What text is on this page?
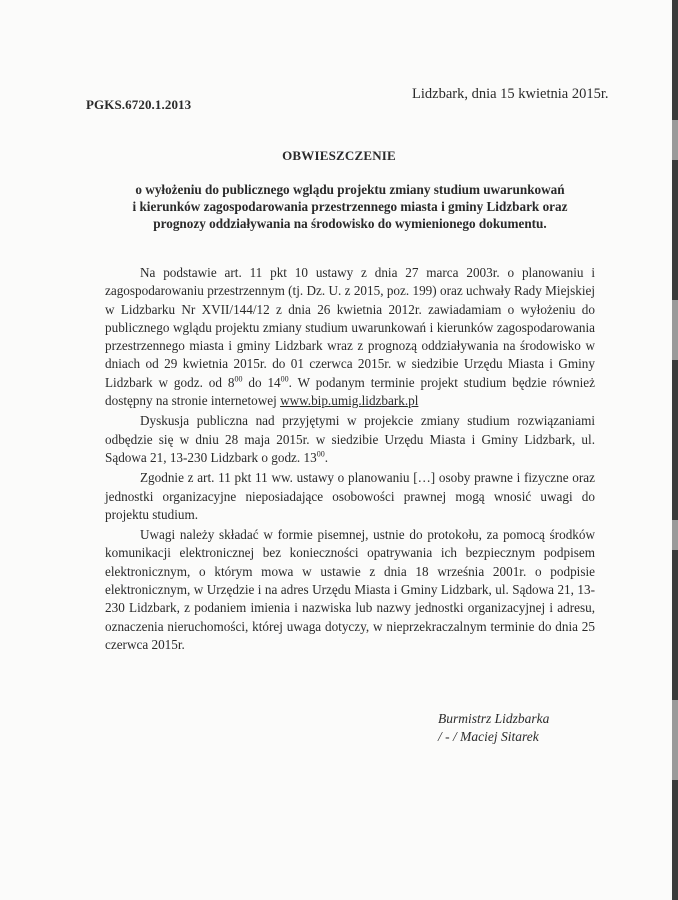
Lidzbark, dnia 15 kwietnia 2015r.
PGKS.6720.1.2013
OBWIESZCZENIE
o wyłożeniu do publicznego wglądu projektu zmiany studium uwarunkowań
i kierunków zagospodarowania przestrzennego miasta i gminy Lidzbark oraz
prognozy oddziaływania na środowisko do wymienionego dokumentu.

Na podstawie art. 11 pkt 10 ustawy z dnia 27 marca 2003r. o planowaniu i zagospodarowaniu przestrzennym (tj. Dz. U. z 2015, poz. 199) oraz uchwały Rady Miejskiej w Lidzbarku Nr XVII/144/12 z dnia 26 kwietnia 2012r. zawiadamiam o wyłożeniu do publicznego wglądu projektu zmiany studium uwarunkowań i kierunków zagospodarowania przestrzennego miasta i gminy Lidzbark wraz z prognozą oddziaływania na środowisko w dniach od 29 kwietnia 2015r. do 01 czerwca 2015r. w siedzibie Urzędu Miasta i Gminy Lidzbark w godz. od $8^{00}$ do $14^{00}$. W podanym terminie projekt studium będzie również dostępny na stronie internetowej www.bip.umig.lidzbark.pl

Dyskusja publiczna nad przyjętymi w projekcie zmiany studium rozwiązaniami odbędzie się w dniu 28 maja 2015r. w siedzibie Urzędu Miasta i Gminy Lidzbark, ul. Sądowa 21, 13-230 Lidzbark o godz. $13^{00}$.

Zgodnie z art. 11 pkt 11 ww. ustawy o planowaniu […] osoby prawne i fizyczne oraz jednostki organizacyjne nieposiadające osobowości prawnej mogą wnosić uwagi do projektu studium.

Uwagi należy składać w formie pisemnej, ustnie do protokołu, za pomocą środków komunikacji elektronicznej bez konieczności opatrywania ich bezpiecznym podpisem elektronicznym, o którym mowa w ustawie z dnia 18 września 2001r. o podpisie elektronicznym, w Urzędzie i na adres Urzędu Miasta i Gminy Lidzbark, ul. Sądowa 21, 13-230 Lidzbark, z podaniem imienia i nazwiska lub nazwy jednostki organizacyjnej i adresu, oznaczenia nieruchomości, której uwaga dotyczy, w nieprzekraczalnym terminie do dnia 25 czerwca 2015r.

Burmistrz Lidzbarka
/ - / Maciej Sitarek
